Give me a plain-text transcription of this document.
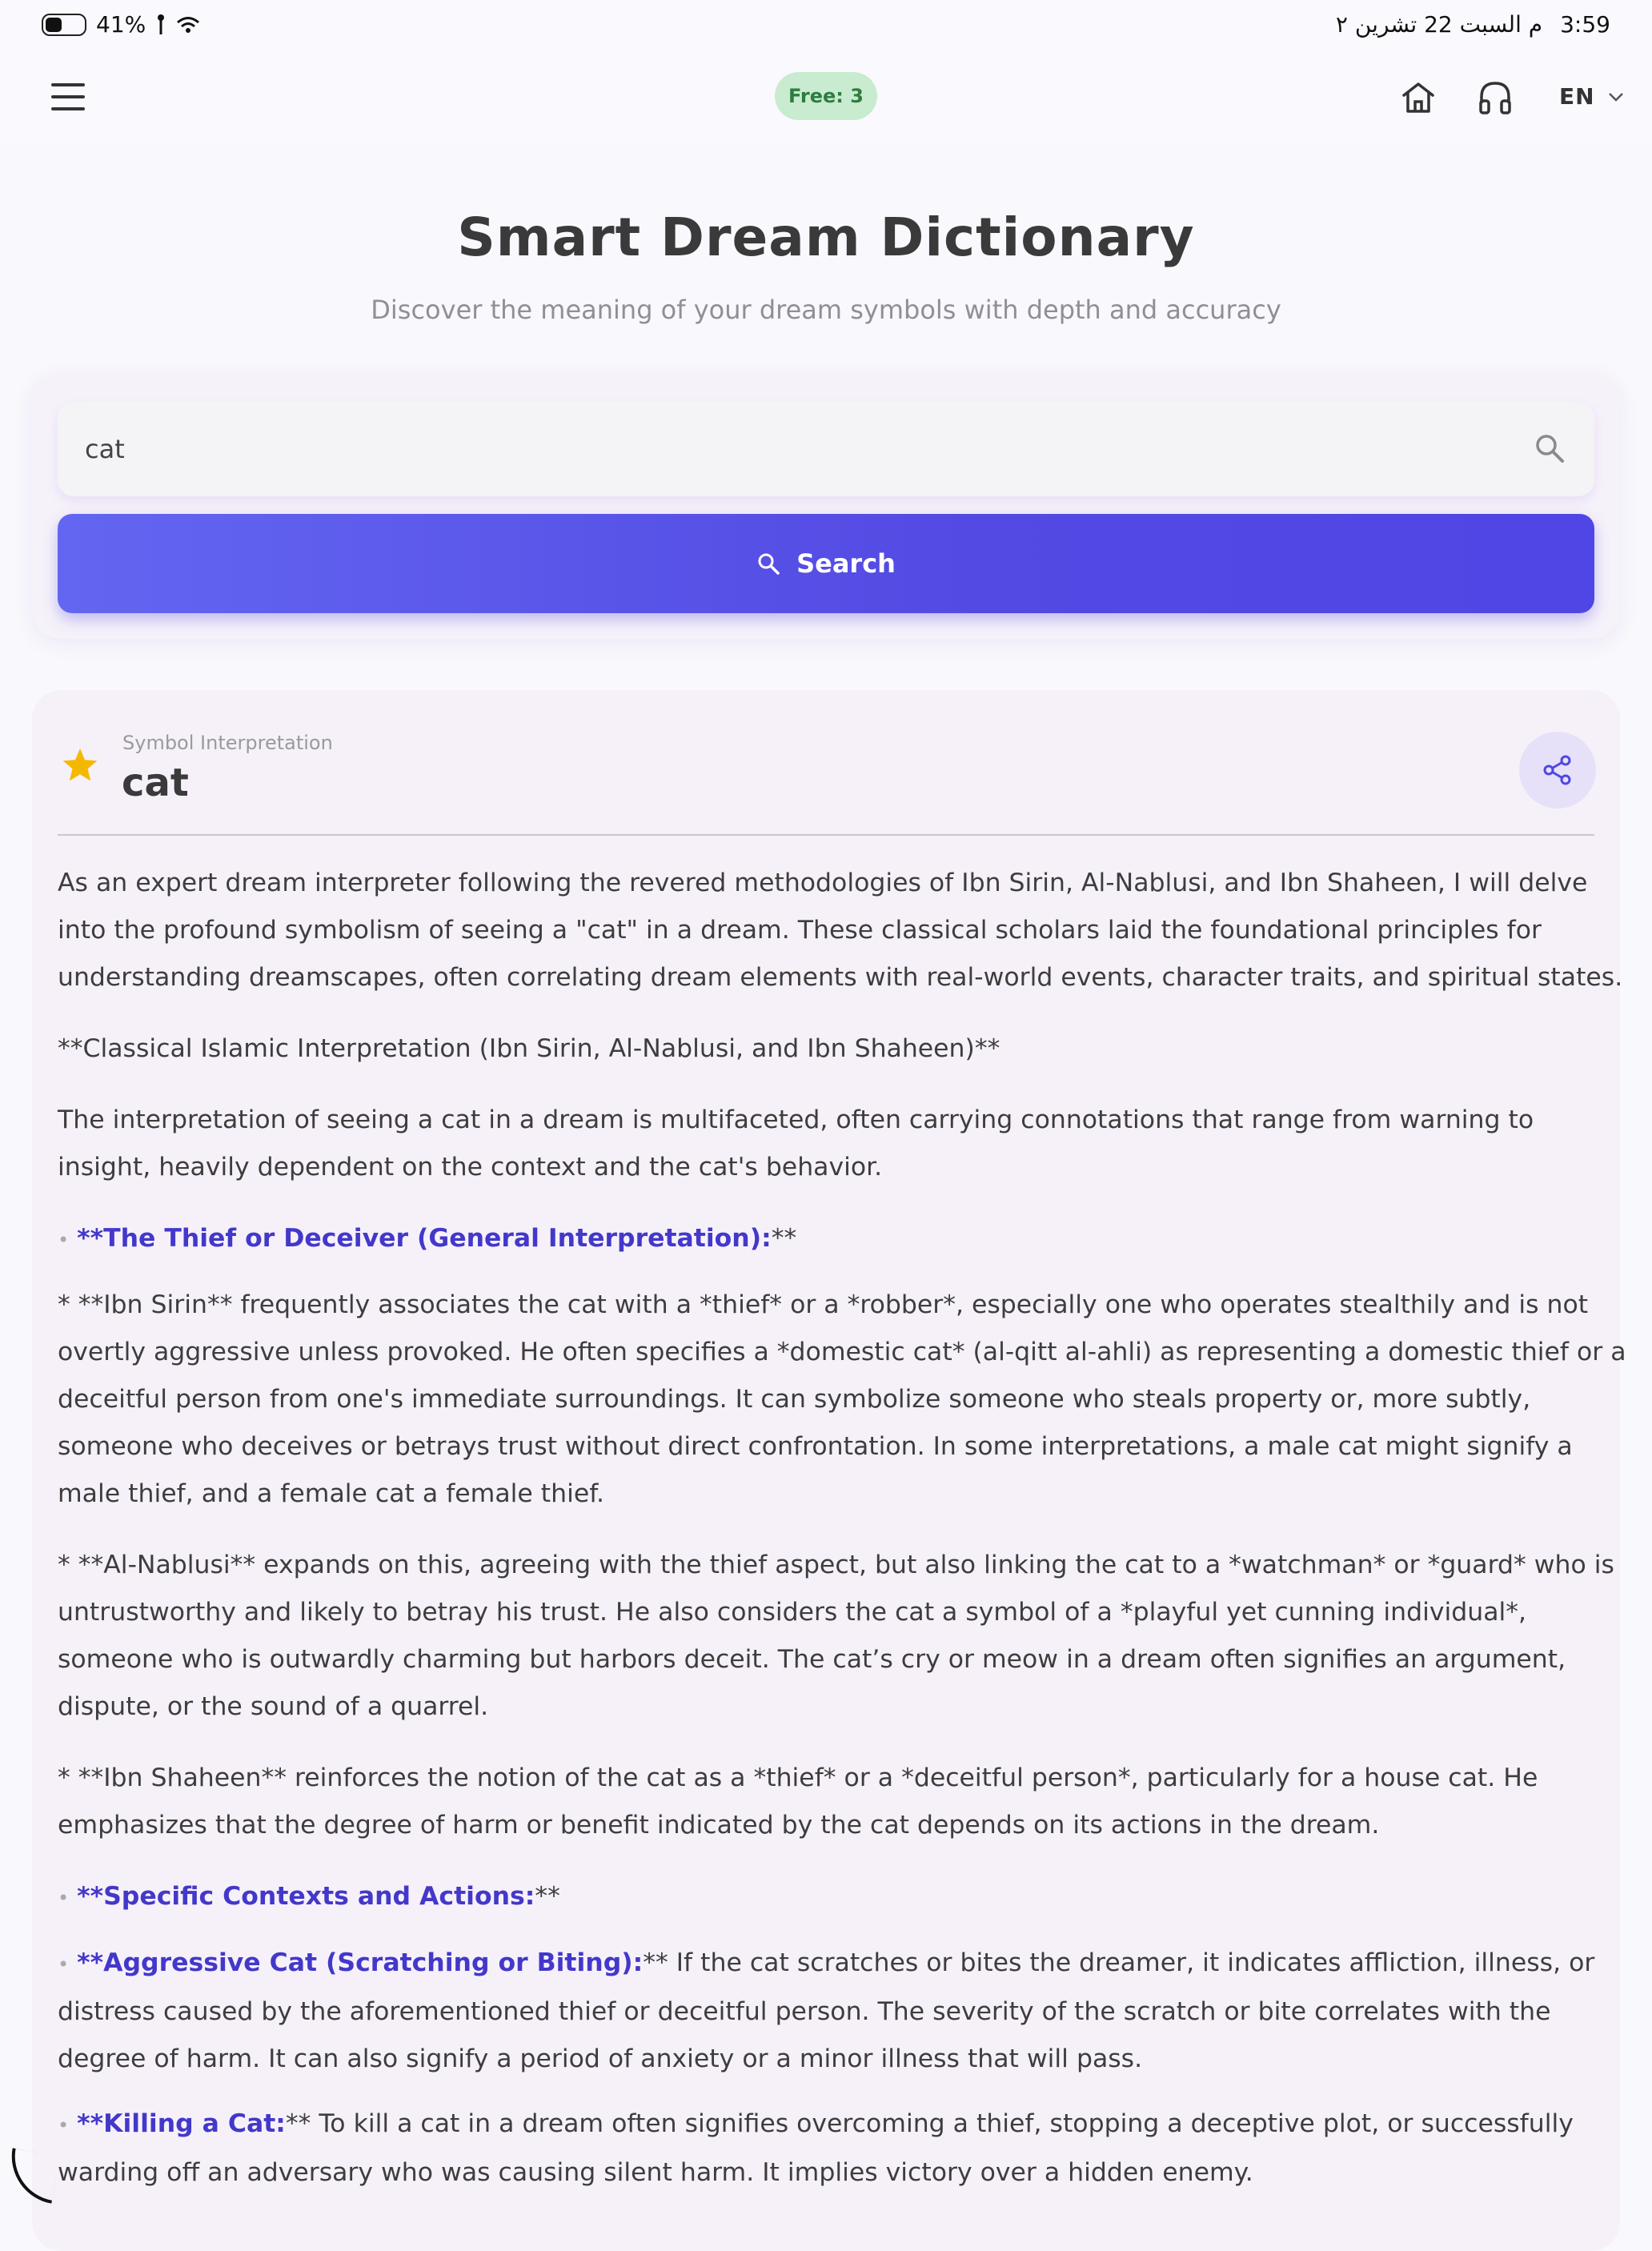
41%	م السبت 22 تشرين ٢ 3:59
Free: 3	EN
Smart Dream Dictionary
Discover the meaning of your dream symbols with depth and accuracy
cat
Search
Symbol Interpretation
cat

As an expert dream interpreter following the revered methodologies of Ibn Sirin, Al-Nablusi, and Ibn Shaheen, I will delve into the profound symbolism of seeing a "cat" in a dream. These classical scholars laid the foundational principles for understanding dreamscapes, often correlating dream elements with real-world events, character traits, and spiritual states.

**Classical Islamic Interpretation (Ibn Sirin, Al-Nablusi, and Ibn Shaheen)**

The interpretation of seeing a cat in a dream is multifaceted, often carrying connotations that range from warning to insight, heavily dependent on the context and the cat's behavior.

• **The Thief or Deceiver (General Interpretation):**

* **Ibn Sirin** frequently associates the cat with a *thief* or a *robber*, especially one who operates stealthily and is not overtly aggressive unless provoked. He often specifies a *domestic cat* (al-qitt al-ahli) as representing a domestic thief or a deceitful person from one's immediate surroundings. It can symbolize someone who steals property or, more subtly, someone who deceives or betrays trust without direct confrontation. In some interpretations, a male cat might signify a male thief, and a female cat a female thief.

* **Al-Nablusi** expands on this, agreeing with the thief aspect, but also linking the cat to a *watchman* or *guard* who is untrustworthy and likely to betray his trust. He also considers the cat a symbol of a *playful yet cunning individual*, someone who is outwardly charming but harbors deceit. The cat’s cry or meow in a dream often signifies an argument, dispute, or the sound of a quarrel.

* **Ibn Shaheen** reinforces the notion of the cat as a *thief* or a *deceitful person*, particularly for a house cat. He emphasizes that the degree of harm or benefit indicated by the cat depends on its actions in the dream.

• **Specific Contexts and Actions:**

• **Aggressive Cat (Scratching or Biting):** If the cat scratches or bites the dreamer, it indicates affliction, illness, or distress caused by the aforementioned thief or deceitful person. The severity of the scratch or bite correlates with the degree of harm. It can also signify a period of anxiety or a minor illness that will pass.

• **Killing a Cat:** To kill a cat in a dream often signifies overcoming a thief, stopping a deceptive plot, or successfully warding off an adversary who was causing silent harm. It implies victory over a hidden enemy.
